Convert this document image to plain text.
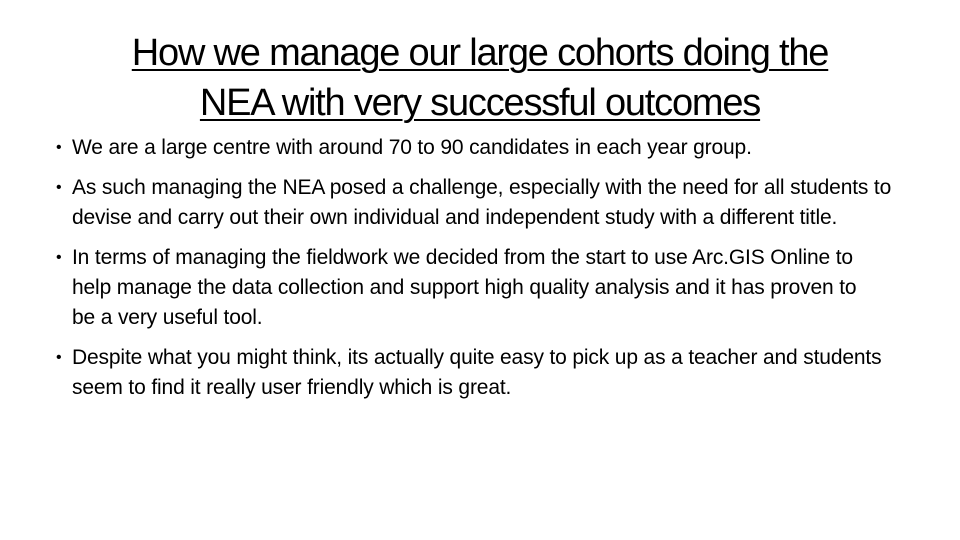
How we manage our large cohorts doing the
NEA with very successful outcomes
• We are a large centre with around 70 to 90 candidates in each year group.
• As such managing the NEA posed a challenge, especially with the need for all students to devise and carry out their own individual and independent study with a different title.
• In terms of managing the fieldwork we decided from the start to use Arc.GIS Online to help manage the data collection and support high quality analysis and it has proven to be a very useful tool.
• Despite what you might think, its actually quite easy to pick up as a teacher and students seem to find it really user friendly which is great.
